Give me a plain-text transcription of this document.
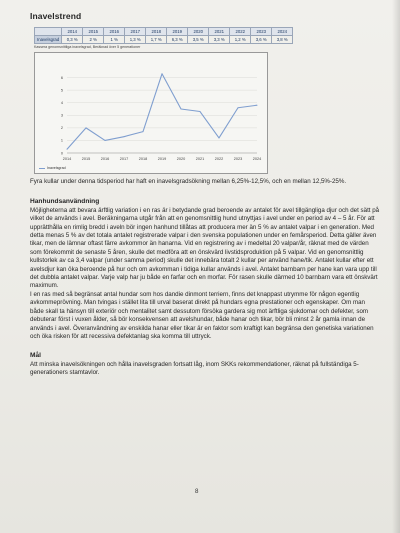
Inavelstrend
	2014	2015	2016	2017	2018	2019	2020	2021	2022	2023	2024
Inavelsgrad	0,3 %	2 %	1 %	1,3 %	1,7 %	6,3 %	3,5 %	3,3 %	1,2 %	3,6 %	3,8 %
Kassera genomsnittliga inavelsgrad, Beräknad över 5 generationer
0
1
2
3
4
5
6
2014	2015	2016	2017	2018	2019	2020	2021	2022	2023	2024
Inavelsgrad

Fyra kullar under denna tidsperiod har haft en inavelsgradsökning mellan 6,25%-12,5%, och en mellan 12,5%-25%.

Hanhundsanvändning

Möjligheterna att bevara ärftlig variation i en ras är i betydande grad beroende av antalet för avel tillgängliga djur och det sätt på vilket de används i avel. Beräkningarna utgår från att en genomsnittlig hund utnyttjas i avel under en period av 4 – 5 år. För att upprätthålla en rimlig bredd i aveln bör ingen hanhund tillåtas att producera mer än 5 % av antalet valpar i en generation. Med detta menas 5 % av det totala antalet registrerade valpar i den svenska populationen under en femårsperiod. Detta gäller även tikar, men de lämnar oftast färre avkommor än hanarna. Vid en registrering av i medeltal 20 valpar/år, räknat med de värden som förekommit de senaste 5 åren, skulle det medföra att en önskvärd livstidsproduktion på 5 valpar. Vid en genomsnittlig kullstorlek av ca 3,4 valpar (under samma period) skulle det innebära totalt 2 kullar per använd hane/tik. Antalet kullar efter ett avelsdjur kan öka beroende på hur och om avkomman i tidiga kullar används i avel. Antalet barnbarn per hane kan vara upp till det dubbla antalet valpar. Varje valp har ju både en farfar och en morfar. För rasen skulle därmed 10 barnbarn vara ett önskvärt maximum.

I en ras med så begränsat antal hundar som hos dandie dinmont terriern, finns det knappast utrymme för någon egentlig avkommeprövning. Man tvingas i stället lita till urval baserat direkt på hundars egna prestationer och egenskaper. Om man både skall ta hänsyn till exteriör och mentalitet samt dessutom försöka gardera sig mot ärftliga sjukdomar och defekter, som debuterar först i vuxen ålder, så bör konsekvensen att avelshundar, både hanar och tikar, bör bli minst 2 år gamla innan de används i avel. Överanvändning av enskilda hanar eller tikar är en faktor som kraftigt kan begränsa den genetiska variationen och öka risken för att recessiva defektanlag ska komma till uttryck.

Mål

Att minska inavelsökningen och hålla inavelsgraden fortsatt låg, inom SKKs rekommendationer, räknat på fullständiga 5-generationers stamtavlor.

8
